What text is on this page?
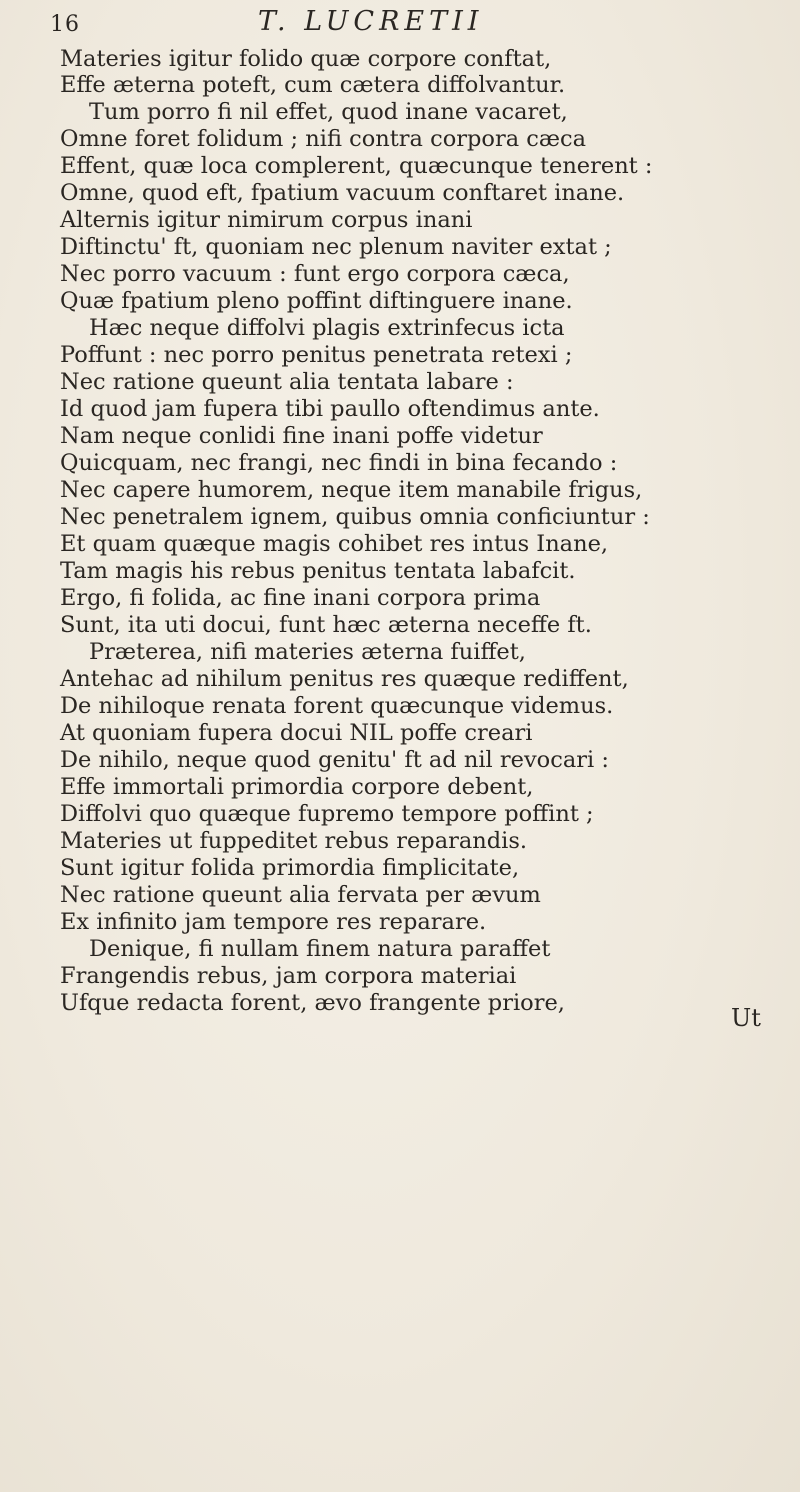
16	T. LUCRETII
Materies igitur folido quæ corpore conftat,
Effe æterna poteft, cum cætera diffolvantur.
Tum porro fi nil effet, quod inane vacaret,
Omne foret folidum ; nifi contra corpora cæca
Effent, quæ loca complerent, quæcunque tenerent :
Omne, quod eft, fpatium vacuum conftaret inane.
Alternis igitur nimirum corpus inani
Diftinctu' ft, quoniam nec plenum naviter extat ;
Nec porro vacuum : funt ergo corpora cæca,
Quæ fpatium pleno poffint diftinguere inane.
Hæc neque diffolvi plagis extrinfecus icta
Poffunt : nec porro penitus penetrata retexi ;
Nec ratione queunt alia tentata labare :
Id quod jam fupera tibi paullo oftendimus ante.
Nam neque conlidi fine inani poffe videtur
Quicquam, nec frangi, nec findi in bina fecando :
Nec capere humorem, neque item manabile frigus,
Nec penetralem ignem, quibus omnia conficiuntur :
Et quam quæque magis cohibet res intus Inane,
Tam magis his rebus penitus tentata labafcit.
Ergo, fi folida, ac fine inani corpora prima
Sunt, ita uti docui, funt hæc æterna neceffe ft.
Præterea, nifi materies æterna fuiffet,
Antehac ad nihilum penitus res quæque rediffent,
De nihiloque renata forent quæcunque videmus.
At quoniam fupera docui NIL poffe creari
De nihilo, neque quod genitu' ft ad nil revocari :
Effe immortali primordia corpore debent,
Diffolvi quo quæque fupremo tempore poffint ;
Materies ut fuppeditet rebus reparandis.
Sunt igitur folida primordia fimplicitate,
Nec ratione queunt alia fervata per ævum
Ex infinito jam tempore res reparare.
Denique, fi nullam finem natura paraffet
Frangendis rebus, jam corpora materiai
Ufque redacta forent, ævo frangente priore,
Ut
